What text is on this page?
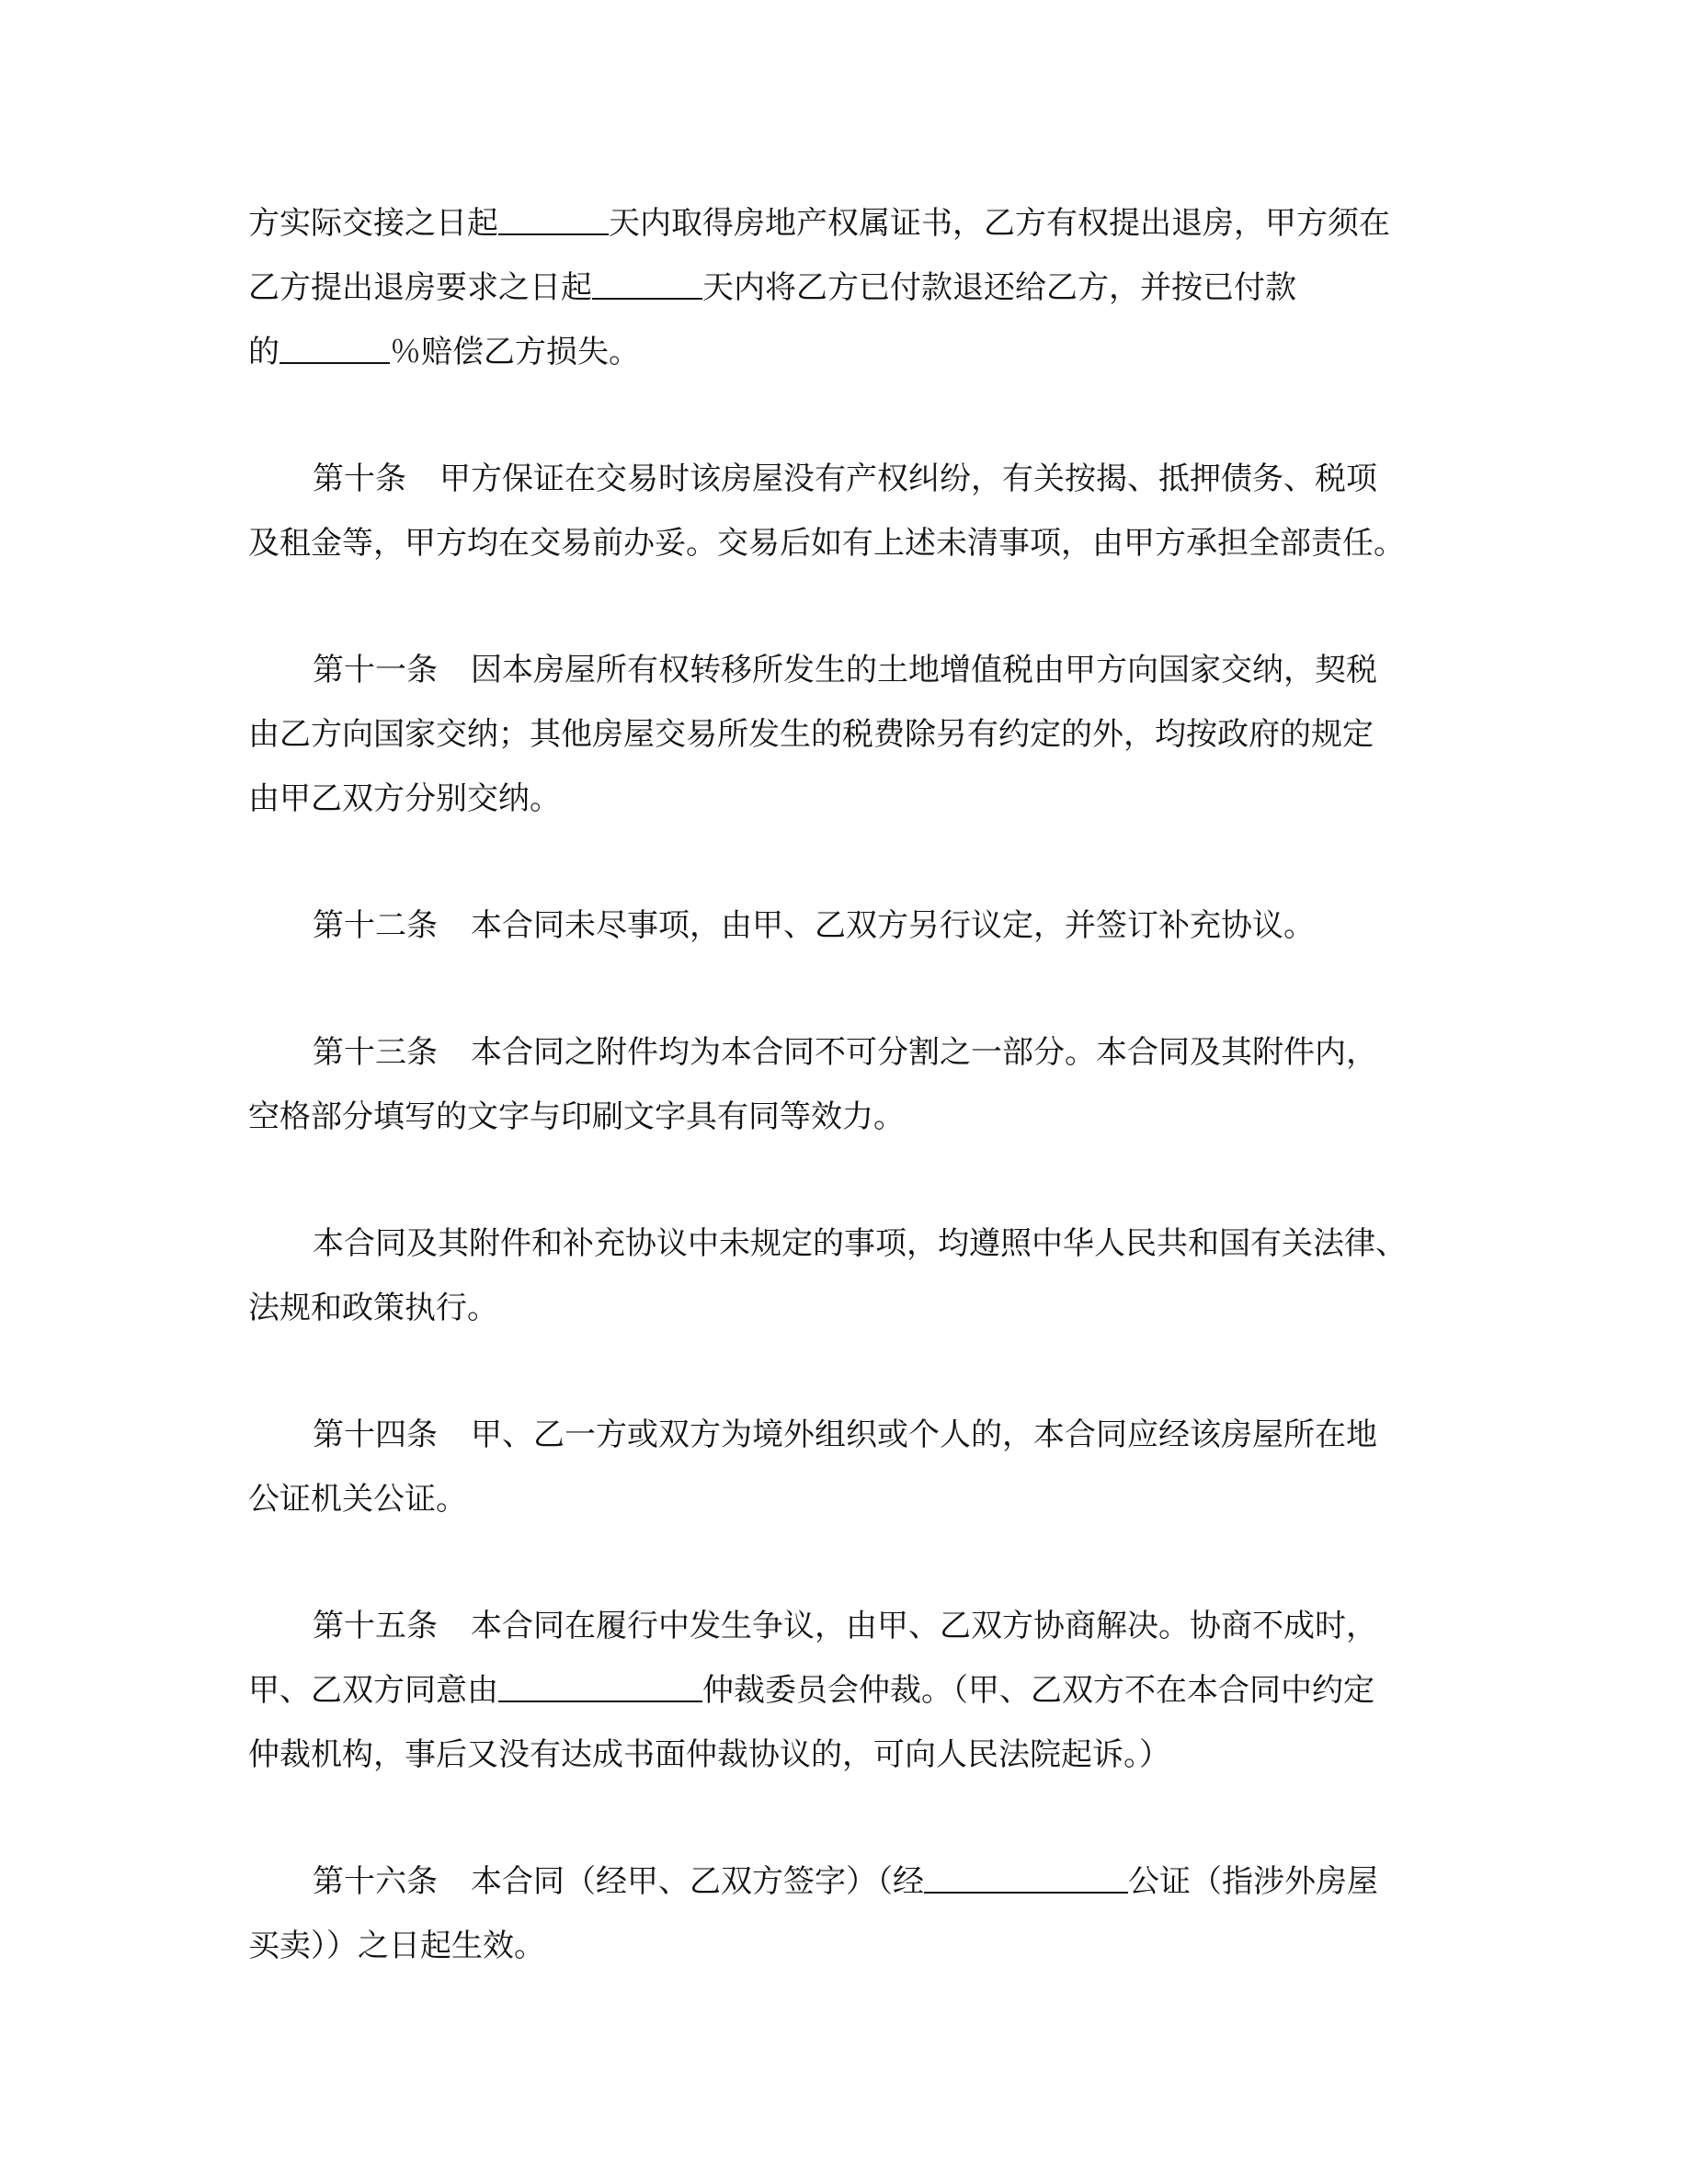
方实际交接之日起	天内取得房地产权属证书，乙方有权提出退房，甲方须在
乙方提出退房要求之日起	天内将乙方已付款退还给乙方，并按已付款
的	％赔偿乙方损失。
第十条 甲方保证在交易时该房屋没有产权纠纷，有关按揭、抵押债务、税项
及租金等，甲方均在交易前办妥。交易后如有上述未清事项，由甲方承担全部责任。
第十一条 因本房屋所有权转移所发生的土地增值税由甲方向国家交纳，契税
由乙方向国家交纳；其他房屋交易所发生的税费除另有约定的外，均按政府的规定
由甲乙双方分别交纳。
第十二条 本合同未尽事项，由甲、乙双方另行议定，并签订补充协议。
第十三条 本合同之附件均为本合同不可分割之一部分。本合同及其附件内，
空格部分填写的文字与印刷文字具有同等效力。
本合同及其附件和补充协议中未规定的事项，均遵照中华人民共和国有关法律、
法规和政策执行。
第十四条 甲、乙一方或双方为境外组织或个人的，本合同应经该房屋所在地
公证机关公证。
第十五条 本合同在履行中发生争议，由甲、乙双方协商解决。协商不成时，
甲、乙双方同意由	仲裁委员会仲裁。（甲、乙双方不在本合同中约定
仲裁机构，事后又没有达成书面仲裁协议的，可向人民法院起诉。）
第十六条 本合同（经甲、乙双方签字）（经	公证（指涉外房屋
买卖））之日起生效。
